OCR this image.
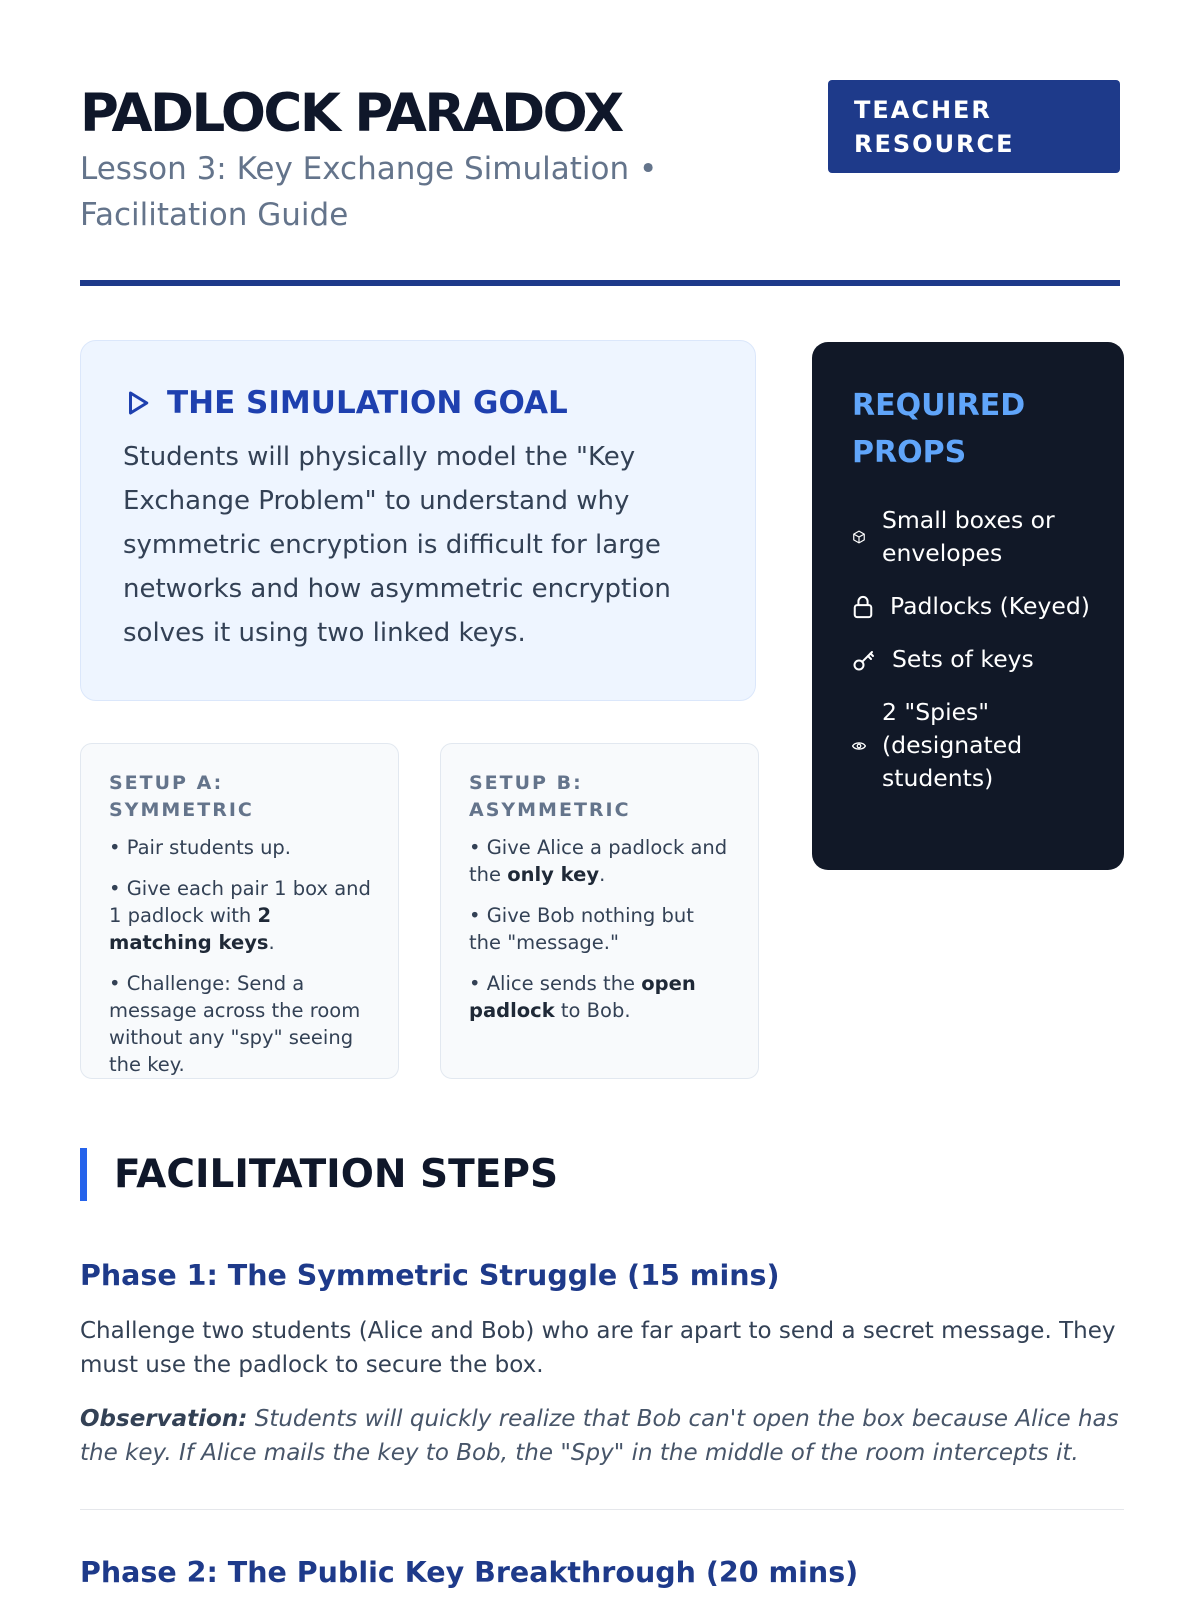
PADLOCK PARADOX

Lesson 3: Key Exchange Simulation • Facilitation Guide

TEACHER
RESOURCE
THE SIMULATION GOAL

Students will physically model the "Key Exchange Problem" to understand why symmetric encryption is difficult for large networks and how asymmetric encryption solves it using two linked keys.

SETUP A: SYMMETRIC

• Pair students up.

• Give each pair 1 box and 1 padlock with 2 matching keys.

• Challenge: Send a message across the room without any "spy" seeing the key.

SETUP B: ASYMMETRIC

• Give Alice a padlock and the only key.

• Give Bob nothing but the "message."

• Alice sends the open padlock to Bob.

REQUIRED PROPS
Small boxes or envelopes
Padlocks (Keyed)
Sets of keys
2 "Spies" (designated students)
FACILITATION STEPS
Phase 1: The Symmetric Struggle (15 mins)

Challenge two students (Alice and Bob) who are far apart to send a secret message. They must use the padlock to secure the box.

Observation: Students will quickly realize that Bob can't open the box because Alice has the key. If Alice mails the key to Bob, the "Spy" in the middle of the room intercepts it.

Phase 2: The Public Key Breakthrough (20 mins)
